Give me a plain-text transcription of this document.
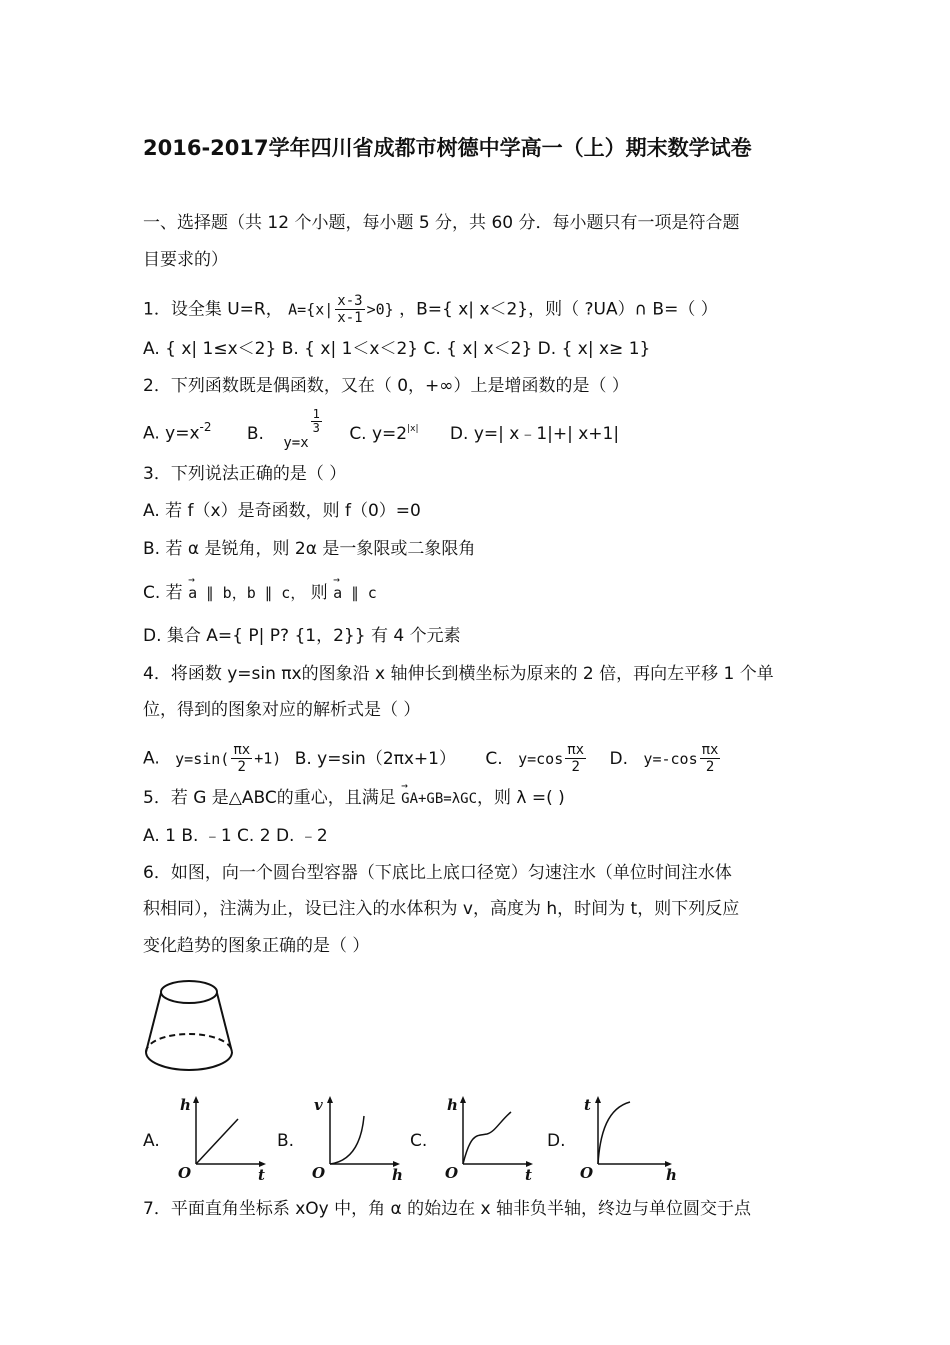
2016-2017学年四川省成都市树德中学高一（上）期末数学试卷
一、选择题（共 12 个小题，每小题 5 分，共 60 分．每小题只有一项是符合题
目要求的）
1．设全集 U=R， $A=\{x| \frac{x-3}{x-1} >0\}$ ，B={ x| x＜2}，则（ ?UA）∩ B=（ ）
A. { x| 1≤x＜2} B. { x| 1＜x＜2} C. { x| x＜2} D. { x| x≥ 1}
2．下列函数既是偶函数，又在（ 0，+∞）上是增函数的是（ ）
A. $y=x^{-2}$ B. $_{y=x}$
$\frac{1}{3} C$. $y=2^{|x|}$ D. y=| x﹣1|+| x+1|
3．下列说法正确的是（ ）
A. 若 f（x）是奇函数，则 f（0）=0
B. 若 α 是锐角，则 2α 是一象限或二象限角
C. 若 → a ∥ b，b ∥ c， 则 → a ∥ c
D. 集合 A={ P| P? {1，2}} 有 4 个元素
4．将函数 y=sin πx的图象沿 x 轴伸长到横坐标为原来的 2 倍，再向左平移 1 个单
位，得到的图象对应的解析式是（ ）
A. $y=\sin( \frac{\pi x}{2} +1)$ B. y=sin（2πx+1） C. $y=\cos \frac{\pi x}{2} D$. $y=-\cos \frac{\pi x}{2}$
5．若 G 是△ABC的重心，且满足 → GA+GB=λGC，则 λ =( )
A. 1 B. ﹣1 C. 2 D. ﹣2
6．如图，向一个圆台型容器（下底比上底口径宽）匀速注水（单位时间注水体
积相同），注满为止，设已注入的水体积为 v，高度为 h，时间为 t，则下列反应
变化趋势的图象正确的是（ ）
A.
h
t
O
B.
v
h
O
C.
h
t
O
D.
t
h
O
7．平面直角坐标系 xOy 中，角 α 的始边在 x 轴非负半轴，终边与单位圆交于点
